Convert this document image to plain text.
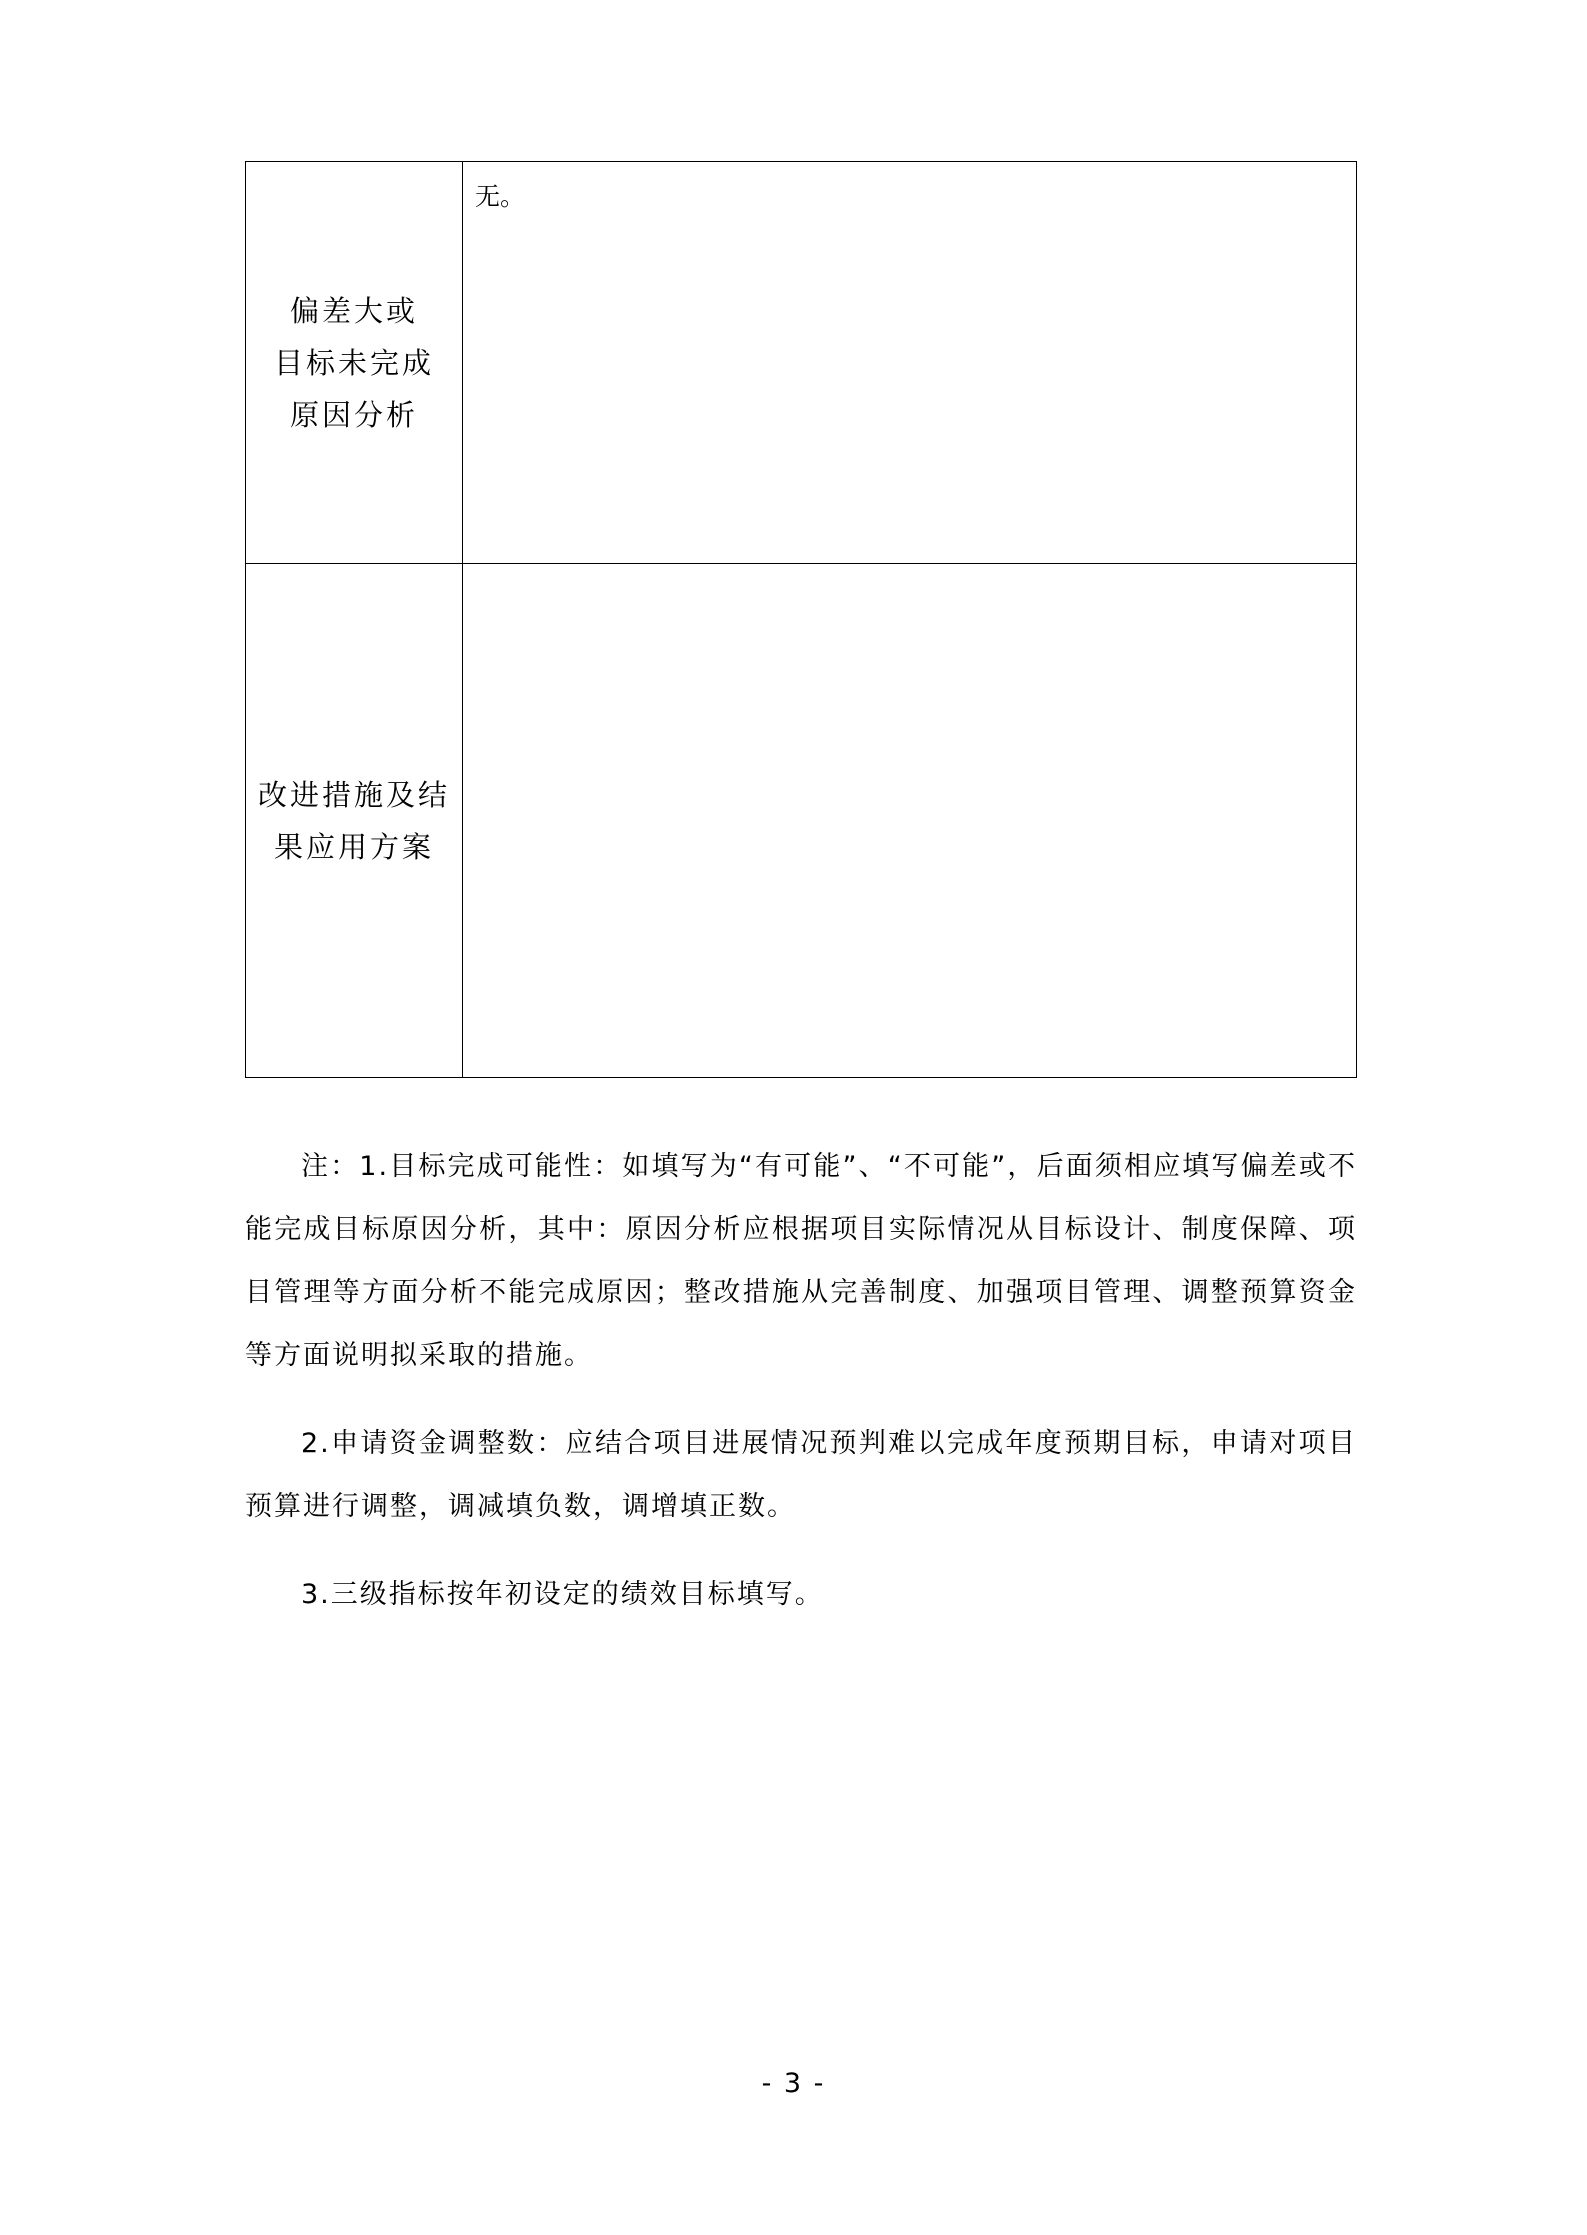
偏差大或
目标未完成
原因分析	无。

改进措施及结
果应用方案	

注：1.目标完成可能性：如填写为“有可能”、“不可能”，后面须相应填写偏差或不能完成目标原因分析，其中：原因分析应根据项目实际情况从目标设计、制度保障、项目管理等方面分析不能完成原因；整改措施从完善制度、加强项目管理、调整预算资金等方面说明拟采取的措施。

2.申请资金调整数：应结合项目进展情况预判难以完成年度预期目标，申请对项目预算进行调整，调减填负数，调增填正数。

3.三级指标按年初设定的绩效目标填写。

- 3 -
